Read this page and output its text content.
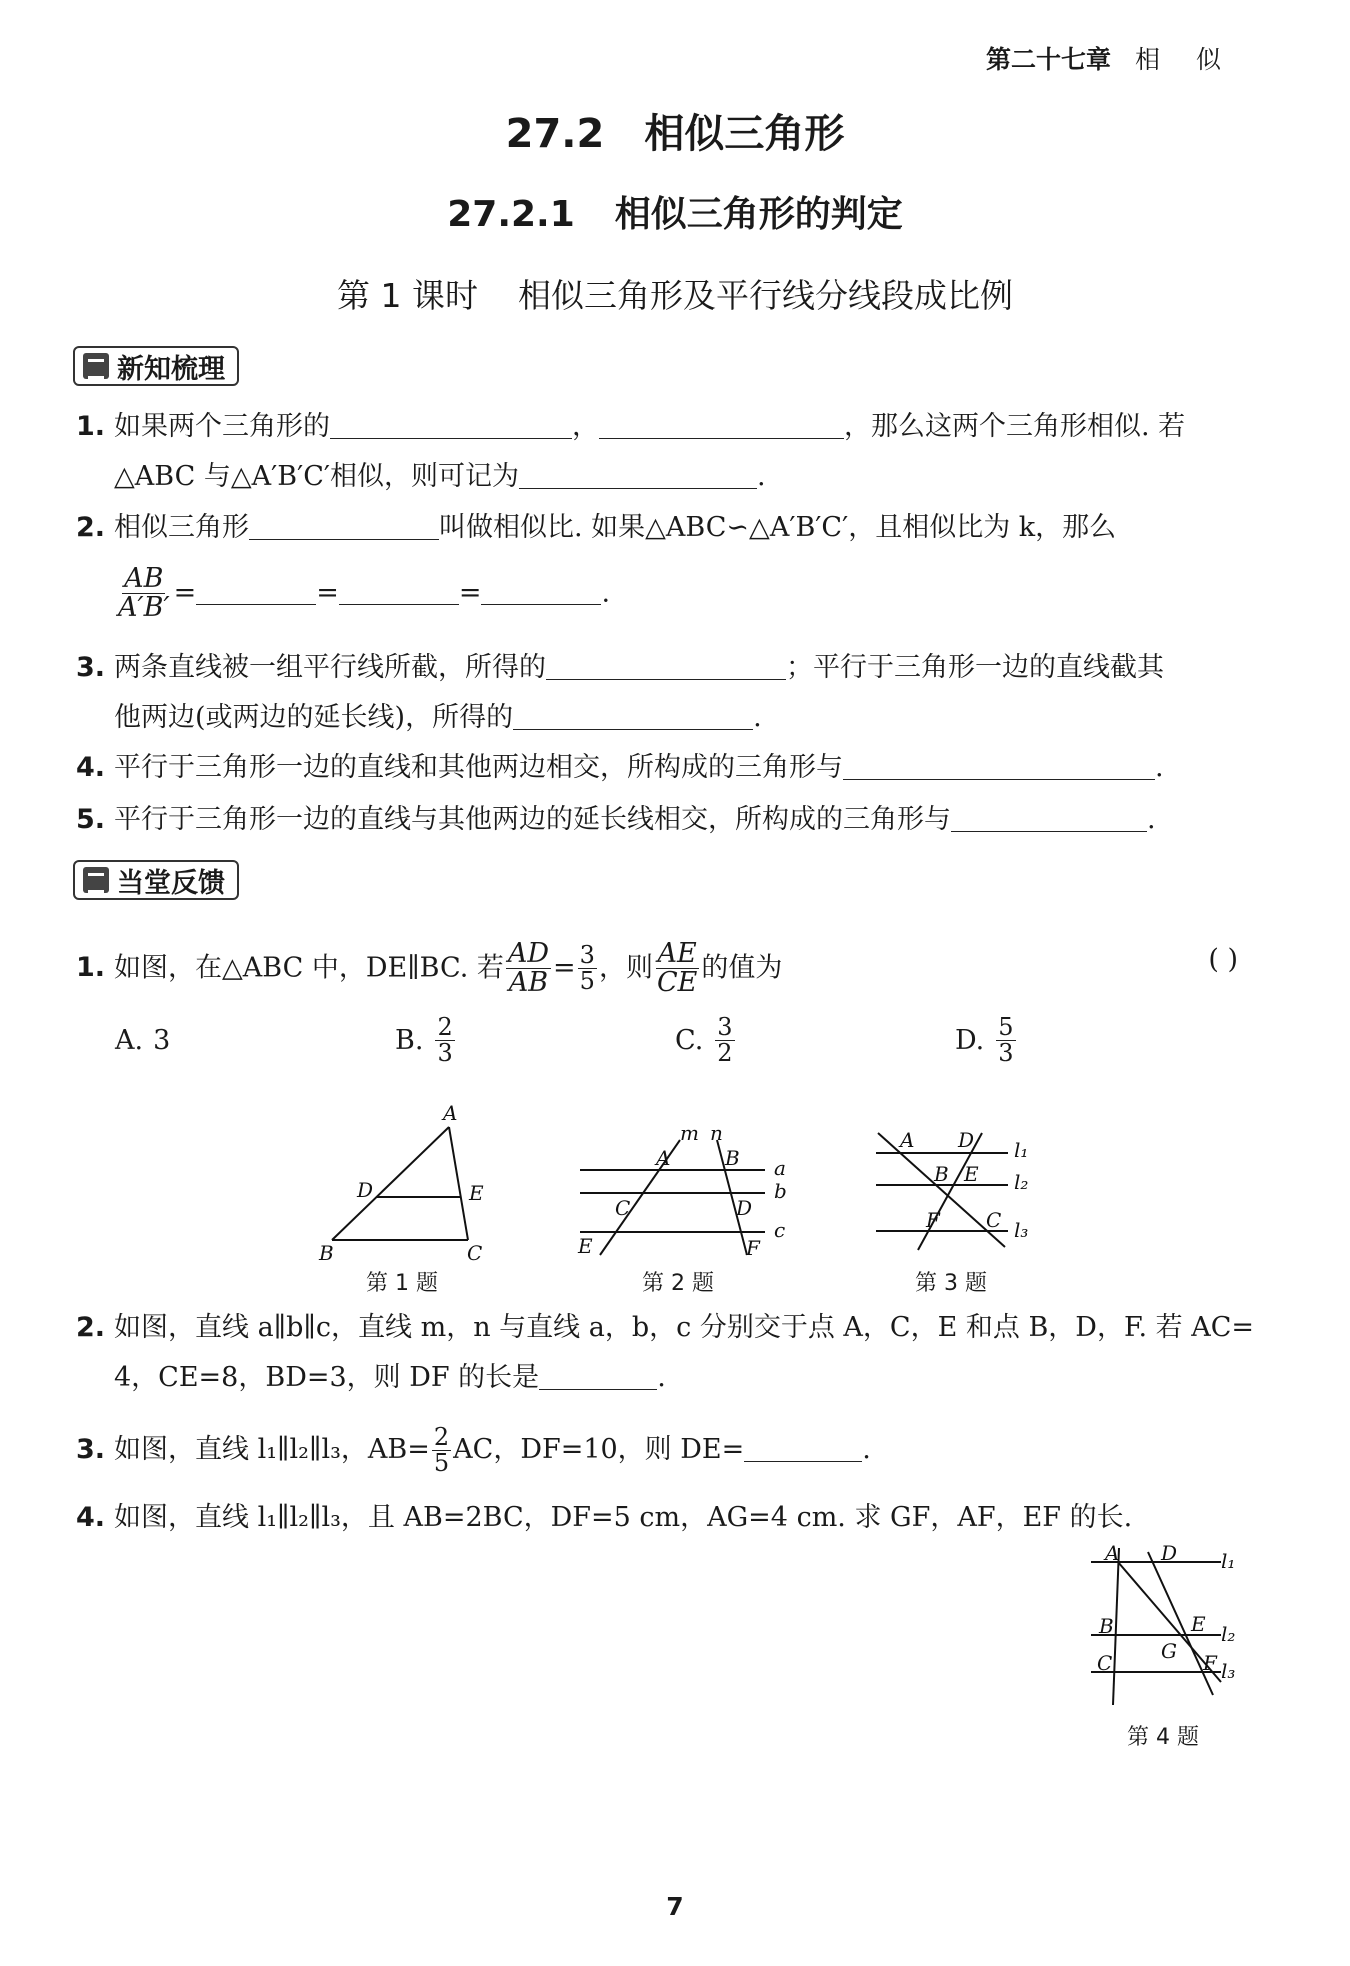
第二十七章 相 似
27.2 相似三角形
27.2.1 相似三角形的判定
第 1 课时 相似三角形及平行线分线段成比例
新知梳理
1. 如果两个三角形的	，	，那么这两个三角形相似. 若
△ABC 与△A′B′C′相似，则可记为	.
2. 相似三角形	叫做相似比. 如果△ABC∽△A′B′C′，且相似比为 k，那么
$\frac{AB}{A'B'}$ =	=	=	.
3. 两条直线被一组平行线所截，所得的	；平行于三角形一边的直线截其
他两边(或两边的延长线)，所得的	.
4. 平行于三角形一边的直线和其他两边相交，所构成的三角形与	.
5. 平行于三角形一边的直线与其他两边的延长线相交，所构成的三角形与	.
当堂反馈
1. 如图，在△ABC 中，DE∥BC. 若 $\frac{AD}{AB} = \frac{3}{5}$ ，则 $\frac{AE}{CE}$ 的值为	( )
A. 3	B. $\frac{2}{3}$	C. $\frac{3}{2}$	D. $\frac{5}{3}$
A
B	C
D	E
第 1 题
m n
A	B
C	D
E	F
a
b
c
第 2 题
A D
B E
F C
l₁
l₂
l₃
第 3 题
2. 如图，直线 a∥b∥c，直线 m，n 与直线 a，b，c 分别交于点 A，C，E 和点 B，D，F. 若 AC=
4，CE=8，BD=3，则 DF 的长是	.
3. 如图，直线 l₁∥l₂∥l₃，$AB= \frac{2}{5}$ AC，DF=10，则 DE=	.
4. 如图，直线 l₁∥l₂∥l₃，且 AB=2BC，DF=5 cm，AG=4 cm. 求 GF，AF，EF 的长.
A D
B	E
G
C	F
l₁
l₂
l₃
第 4 题
7
